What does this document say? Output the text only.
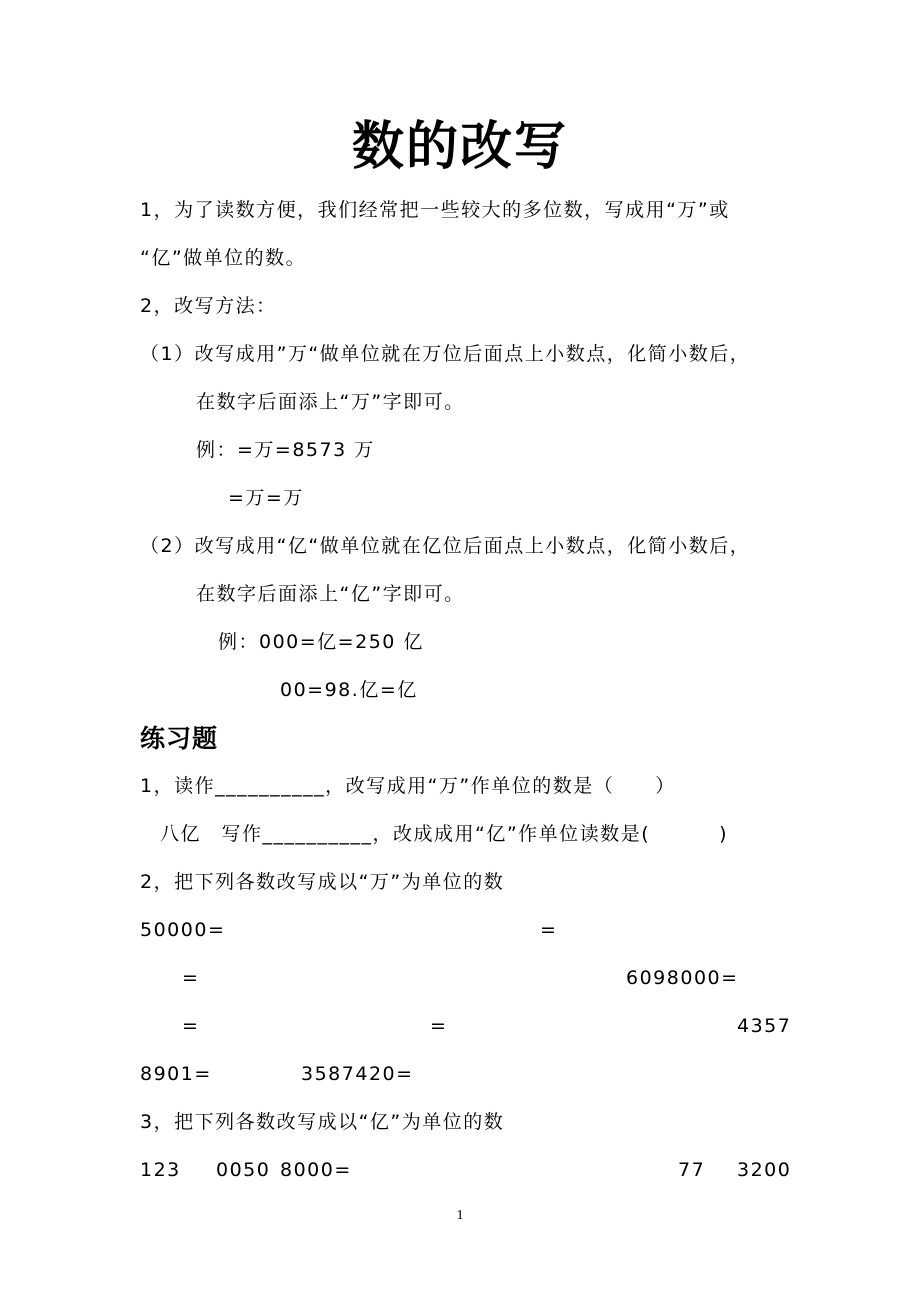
数的改写
1，为了读数方便，我们经常把一些较大的多位数，写成用“万”或
“亿”做单位的数。
2，改写方法：
（1）改写成用”万“做单位就在万位后面点上小数点，化简小数后，
在数字后面添上“万”字即可。
例：=万=8573 万
=万=万
（2）改写成用“亿“做单位就在亿位后面点上小数点，化简小数后，
在数字后面添上“亿”字即可。
例：000=亿=250 亿
00=98.亿=亿
练习题
1，读作__________，改写成用“万”作单位的数是（　　）
八亿　写作__________，改成成用“亿”作单位读数是(　　　 )
2，把下列各数改写成以“万”为单位的数
50000=	=
=	6098000=
=	=	4357
8901=	3587420=
3，把下列各数改写成以“亿”为单位的数
123 0050 8000=	77 3200
1
